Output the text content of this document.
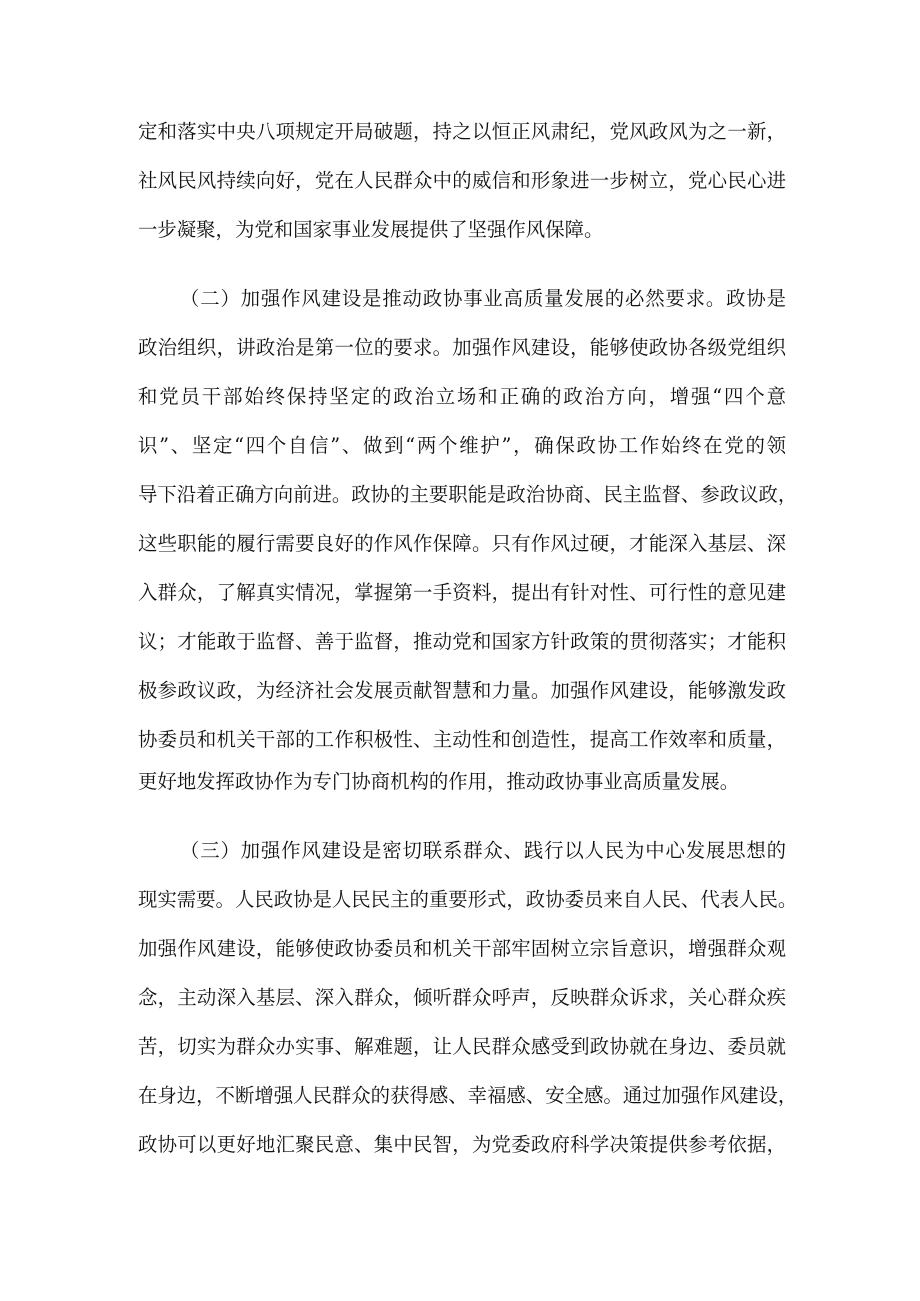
定和落实中央八项规定开局破题，持之以恒正风肃纪，党风政风为之一新，
社风民风持续向好，党在人民群众中的威信和形象进一步树立，党心民心进
一步凝聚，为党和国家事业发展提供了坚强作风保障。
（二）加强作风建设是推动政协事业高质量发展的必然要求。政协是
政治组织，讲政治是第一位的要求。加强作风建设，能够使政协各级党组织
和党员干部始终保持坚定的政治立场和正确的政治方向，增强“四个意
识”、坚定“四个自信”、做到“两个维护”，确保政协工作始终在党的领
导下沿着正确方向前进。政协的主要职能是政治协商、民主监督、参政议政，
这些职能的履行需要良好的作风作保障。只有作风过硬，才能深入基层、深
入群众，了解真实情况，掌握第一手资料，提出有针对性、可行性的意见建
议；才能敢于监督、善于监督，推动党和国家方针政策的贯彻落实；才能积
极参政议政，为经济社会发展贡献智慧和力量。加强作风建设，能够激发政
协委员和机关干部的工作积极性、主动性和创造性，提高工作效率和质量，
更好地发挥政协作为专门协商机构的作用，推动政协事业高质量发展。
（三）加强作风建设是密切联系群众、践行以人民为中心发展思想的
现实需要。人民政协是人民民主的重要形式，政协委员来自人民、代表人民。
加强作风建设，能够使政协委员和机关干部牢固树立宗旨意识，增强群众观
念，主动深入基层、深入群众，倾听群众呼声，反映群众诉求，关心群众疾
苦，切实为群众办实事、解难题，让人民群众感受到政协就在身边、委员就
在身边，不断增强人民群众的获得感、幸福感、安全感。通过加强作风建设，
政协可以更好地汇聚民意、集中民智，为党委政府科学决策提供参考依据，
